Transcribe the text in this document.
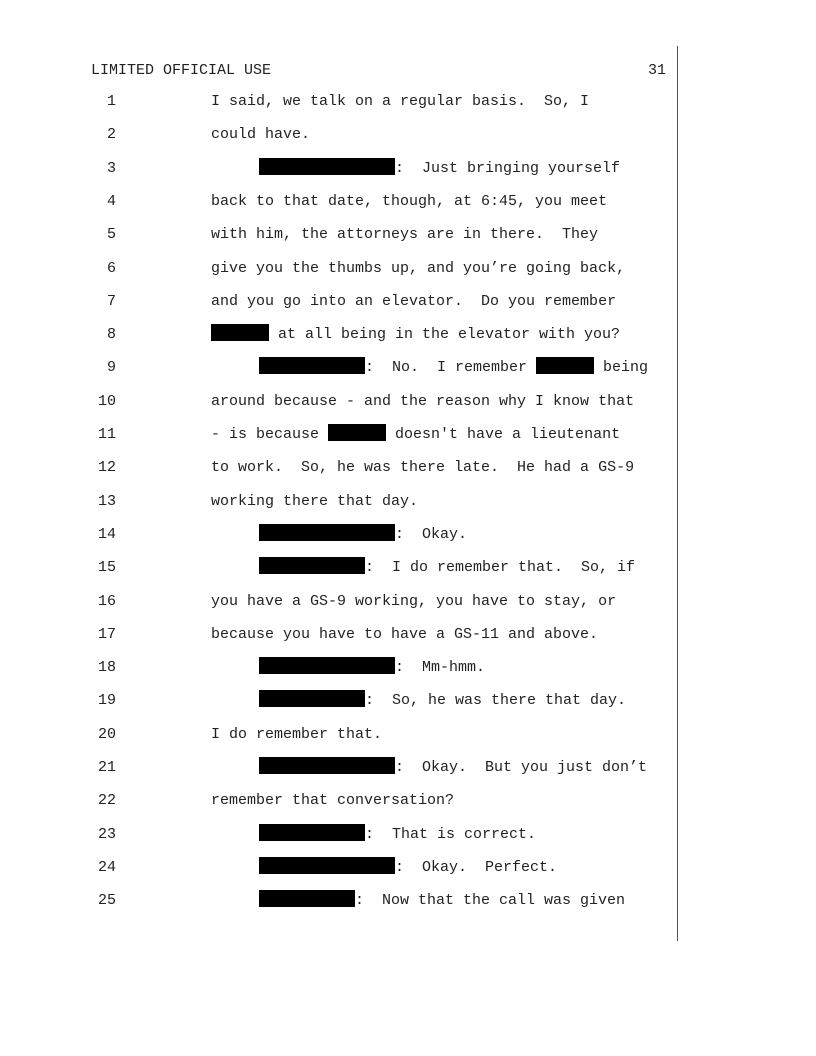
LIMITED OFFICIAL USE	31
1	I said, we talk on a regular basis.  So, I
2	could have.
3	:  Just bringing yourself
4	back to that date, though, at 6:45, you meet
5	with him, the attorneys are in there.  They
6	give you the thumbs up, and you’re going back,
7	and you go into an elevator.  Do you remember
8	at all being in the elevator with you?
9	:  No.  I remember	being
10	around because - and the reason why I know that
11	- is because	doesn't have a lieutenant
12	to work.  So, he was there late.  He had a GS-9
13	working there that day.
14	:  Okay.
15	:  I do remember that.  So, if
16	you have a GS-9 working, you have to stay, or
17	because you have to have a GS-11 and above.
18	:  Mm-hmm.
19	:  So, he was there that day.
20	I do remember that.
21	:  Okay.  But you just don’t
22	remember that conversation?
23	:  That is correct.
24	:  Okay.  Perfect.
25	:  Now that the call was given
